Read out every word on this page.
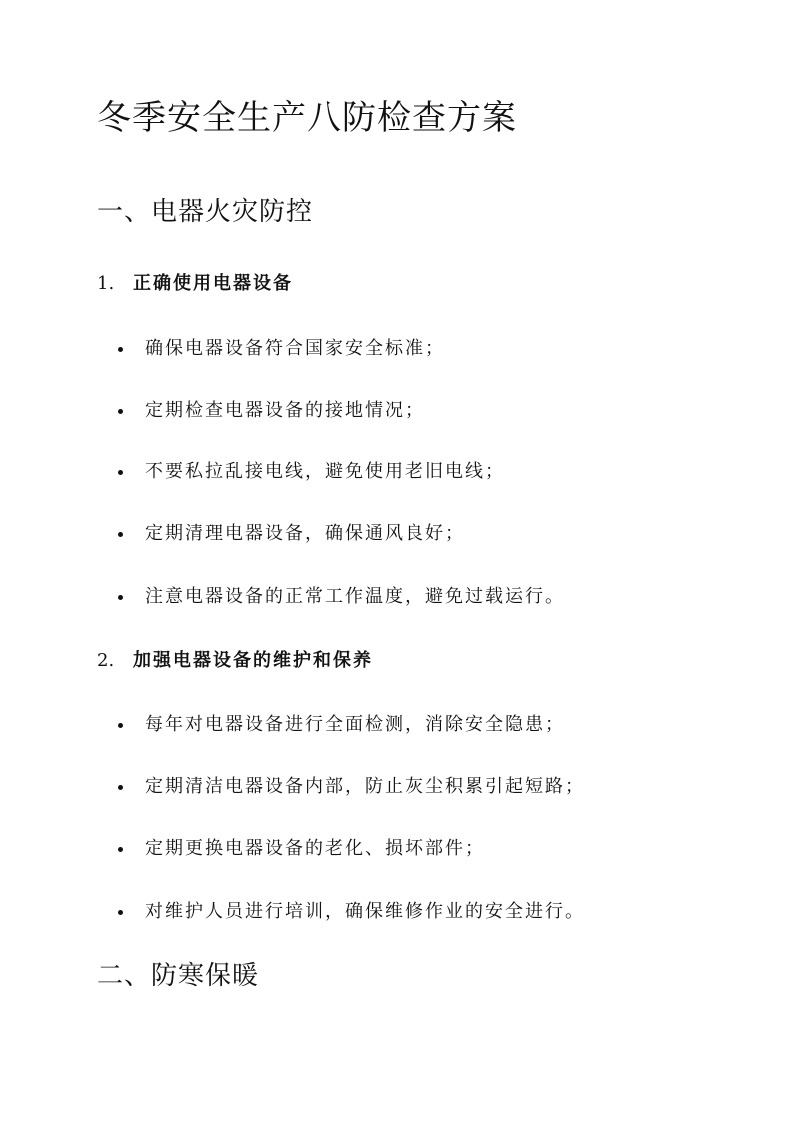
冬季安全生产八防检查方案
一、电器火灾防控
1. 正确使用电器设备
确保电器设备符合国家安全标准；
定期检查电器设备的接地情况；
不要私拉乱接电线，避免使用老旧电线；
定期清理电器设备，确保通风良好；
注意电器设备的正常工作温度，避免过载运行。
2. 加强电器设备的维护和保养
每年对电器设备进行全面检测，消除安全隐患；
定期清洁电器设备内部，防止灰尘积累引起短路；
定期更换电器设备的老化、损坏部件；
对维护人员进行培训，确保维修作业的安全进行。
二、防寒保暖
